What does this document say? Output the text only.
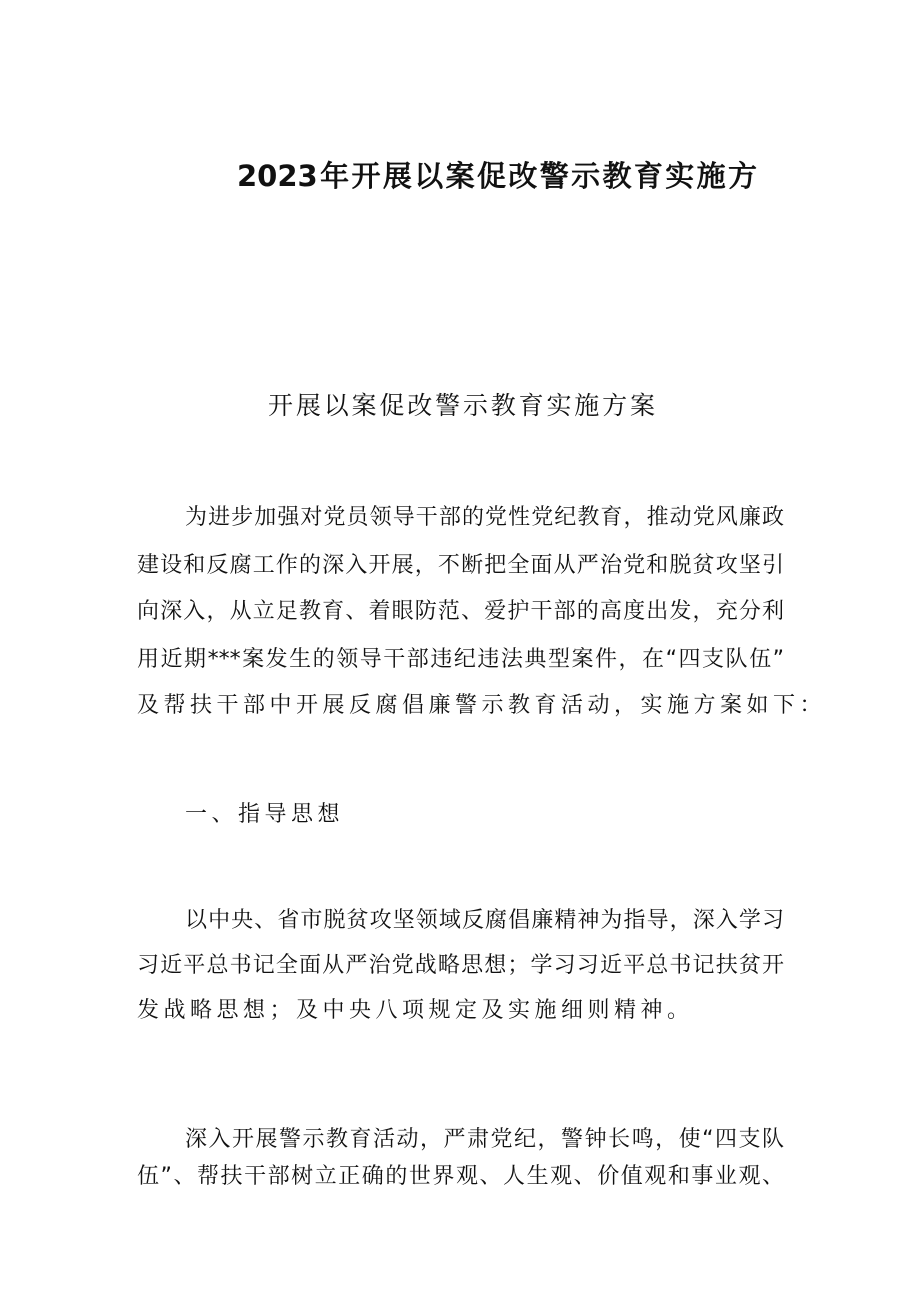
2023年开展以案促改警示教育实施方
开展以案促改警示教育实施方案
为进步加强对党员领导干部的党性党纪教育，推动党风廉政
建设和反腐工作的深入开展，不断把全面从严治党和脱贫攻坚引
向深入，从立足教育、着眼防范、爱护干部的高度出发，充分利
用近期***案发生的领导干部违纪违法典型案件，在“四支队伍”
及帮扶干部中开展反腐倡廉警示教育活动，实施方案如下：
一、指导思想
以中央、省市脱贫攻坚领域反腐倡廉精神为指导，深入学习
习近平总书记全面从严治党战略思想；学习习近平总书记扶贫开
发战略思想；及中央八项规定及实施细则精神。
深入开展警示教育活动，严肃党纪，警钟长鸣，使“四支队
伍”、帮扶干部树立正确的世界观、人生观、价值观和事业观、
